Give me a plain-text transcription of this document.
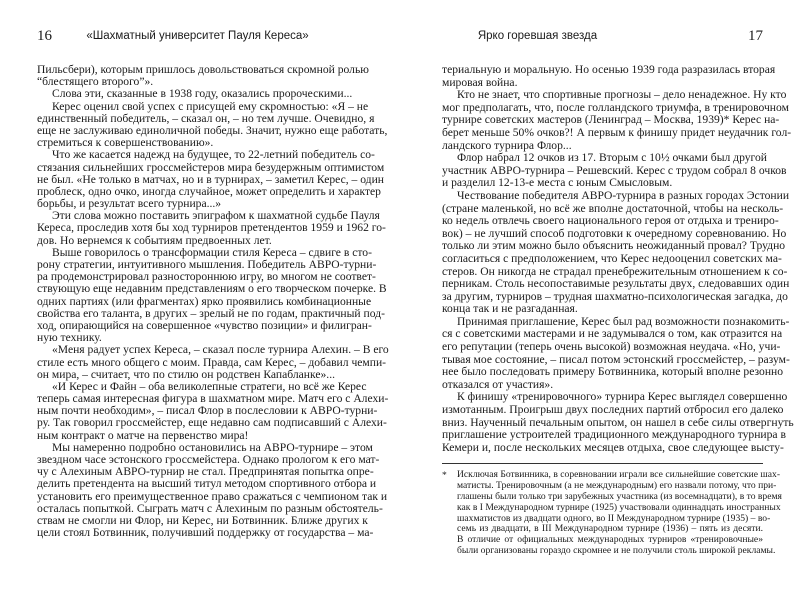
16	«Шахматный университет Пауля Кереса»
Пильсбери), которым пришлось довольствоваться скромной ролью
“блестящего второго”».
Слова эти, сказанные в 1938 году, оказались пророческими...
Керес оценил свой успех с присущей ему скромностью: «Я – не
единственный победитель, – сказал он, – но тем лучше. Очевидно, я
еще не заслуживаю единоличной победы. Значит, нужно еще работать,
стремиться к совершенствованию».
Что же касается надежд на будущее, то 22-летний победитель со-
стязания сильнейших гроссмейстеров мира безудержным оптимистом
не был. «Не только в матчах, но и в турнирах, – заметил Керес, – один
проблеск, одно очко, иногда случайное, может определить и характер
борьбы, и результат всего турнира...»
Эти слова можно поставить эпиграфом к шахматной судьбе Пауля
Кереса, проследив хотя бы ход турниров претендентов 1959 и 1962 го-
дов. Но вернемся к событиям предвоенных лет.
Выше говорилось о трансформации стиля Кереса – сдвиге в сто-
рону стратегии, интуитивного мышления. Победитель АВРО-турни-
ра продемонстрировал разностороннюю игру, во многом не соответ-
ствующую еще недавним представлениям о его творческом почерке. В
одних партиях (или фрагментах) ярко проявились комбинационные
свойства его таланта, в других – зрелый не по годам, практичный под-
ход, опирающийся на совершенное «чувство позиции» и филигран-
ную технику.
«Меня радует успех Кереса, – сказал после турнира Алехин. – В его
стиле есть много общего с моим. Правда, сам Керес, – добавил чемпи-
он мира, – считает, что по стилю он родствен Капабланке»...
«И Керес и Файн – оба великолепные стратеги, но всё же Керес
теперь самая интересная фигура в шахматном мире. Матч его с Алехи-
ным почти необходим», – писал Флор в послесловии к АВРО-турни-
ру. Так говорил гроссмейстер, еще недавно сам подписавший с Алехи-
ным контракт о матче на первенство мира!
Мы намеренно подробно остановились на АВРО-турнире – этом
звездном часе эстонского гроссмейстера. Однако прологом к его мат-
чу с Алехиным АВРО-турнир не стал. Предпринятая попытка опре-
делить претендента на высший титул методом спортивного отбора и
установить его преимущественное право сражаться с чемпионом так и
осталась попыткой. Сыграть матч с Алехиным по разным обстоятель-
ствам не смогли ни Флор, ни Керес, ни Ботвинник. Ближе других к
цели стоял Ботвинник, получивший поддержку от государства – ма-
Ярко горевшая звезда	17
териальную и моральную. Но осенью 1939 года разразилась вторая
мировая война.
Кто не знает, что спортивные прогнозы – дело ненадежное. Ну кто
мог предполагать, что, после голландского триумфа, в тренировочном
турнире советских мастеров (Ленинград – Москва, 1939)* Керес на-
берет меньше 50% очков?! А первым к финишу придет неудачник гол-
ландского турнира Флор...
Флор набрал 12 очков из 17. Вторым с 10½ очками был другой
участник АВРО-турнира – Решевский. Керес с трудом собрал 8 очков
и разделил 12-13-е места с юным Смысловым.
Чествование победителя АВРО-турнира в разных городах Эстонии
(стране маленькой, но всё же вполне достаточной, чтобы на несколь-
ко недель отвлечь своего национального героя от отдыха и трениро-
вок) – не лучший способ подготовки к очередному соревнованию. Но
только ли этим можно было объяснить неожиданный провал? Трудно
согласиться с предположением, что Керес недооценил советских ма-
стеров. Он никогда не страдал пренебрежительным отношением к со-
перникам. Столь несопоставимые результаты двух, следовавших один
за другим, турниров – трудная шахматно-психологическая загадка, до
конца так и не разгаданная.
Принимая приглашение, Керес был рад возможности познакомить-
ся с советскими мастерами и не задумывался о том, как отразится на
его репутации (теперь очень высокой) возможная неудача. «Но, учи-
тывая мое состояние, – писал потом эстонский гроссмейстер, – разум-
нее было последовать примеру Ботвинника, который вполне резонно
отказался от участия».
К финишу «тренировочного» турнира Керес выглядел совершенно
измотанным. Проигрыш двух последних партий отбросил его далеко
вниз. Наученный печальным опытом, он нашел в себе силы отвергнуть
приглашение устроителей традиционного международного турнира в
Кемери и, после нескольких месяцев отдыха, свое следующее высту-
* Исключая Ботвинника, в соревновании играли все сильнейшие советские шах-
матисты. Тренировочным (а не международным) его назвали потому, что при-
глашены были только три зарубежных участника (из восемнадцати), в то время
как в I Международном турнире (1925) участвовали одиннадцать иностранных
шахматистов из двадцати одного, во II Международном турнире (1935) – во-
семь из двадцати, в III Международном турнире (1936) – пять из десяти.
В отличие от официальных международных турниров «тренировочные»
были организованы гораздо скромнее и не получили столь широкой рекламы.
